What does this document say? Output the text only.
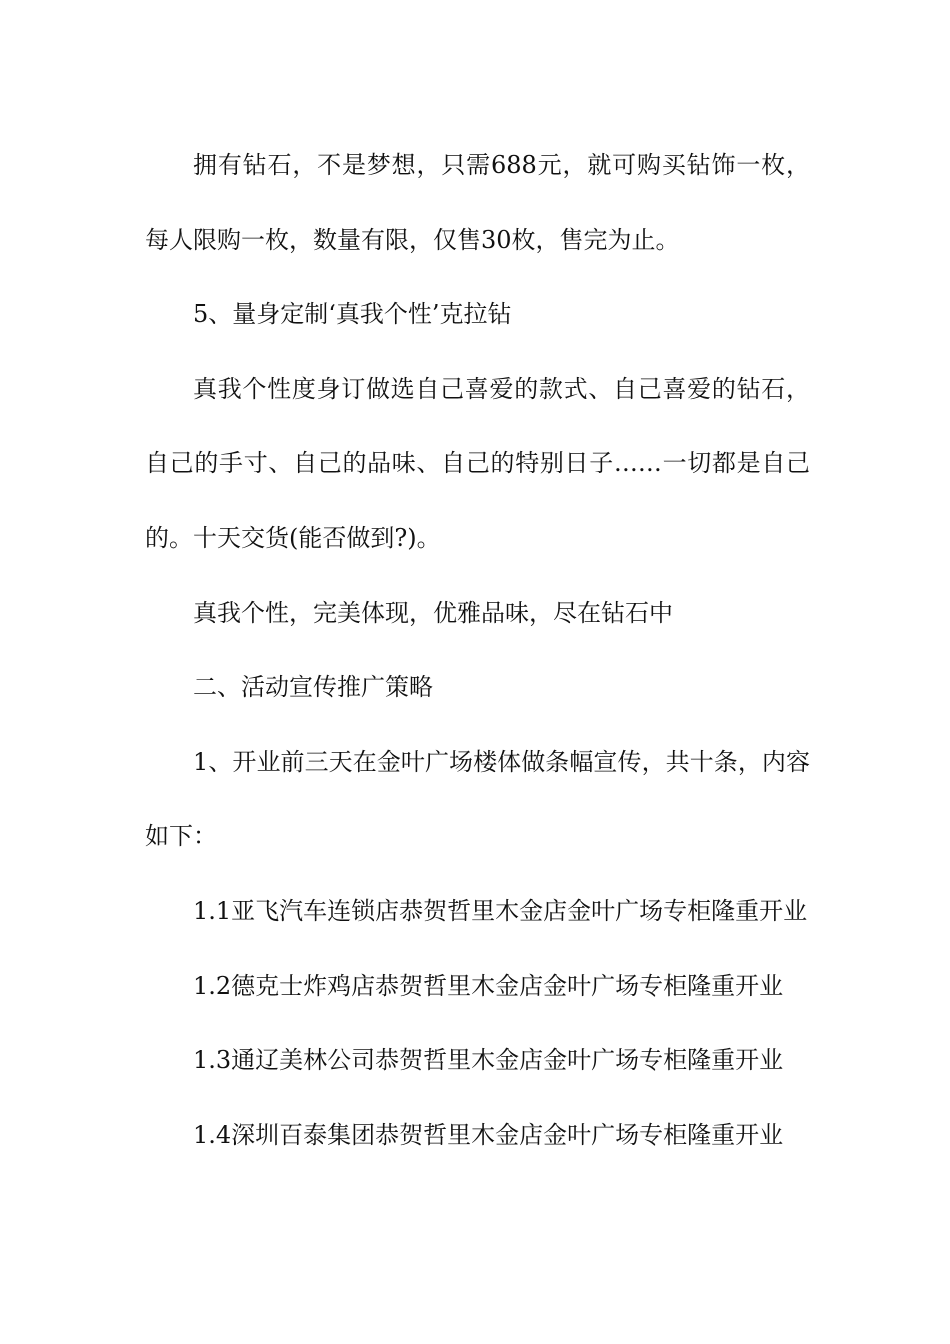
拥有钻石，不是梦想，只需688元，就可购买钻饰一枚，每人限购一枚，数量有限，仅售30枚，售完为止。

5、量身定制‘真我个性’克拉钻

真我个性度身订做选自己喜爱的款式、自己喜爱的钻石，自己的手寸、自己的品味、自己的特别日子……一切都是自己的。十天交货(能否做到?)。

真我个性，完美体现，优雅品味，尽在钻石中

二、活动宣传推广策略

1、开业前三天在金叶广场楼体做条幅宣传，共十条，内容如下：

1.1亚飞汽车连锁店恭贺哲里木金店金叶广场专柜隆重开业

1.2德克士炸鸡店恭贺哲里木金店金叶广场专柜隆重开业

1.3通辽美林公司恭贺哲里木金店金叶广场专柜隆重开业

1.4深圳百泰集团恭贺哲里木金店金叶广场专柜隆重开业
